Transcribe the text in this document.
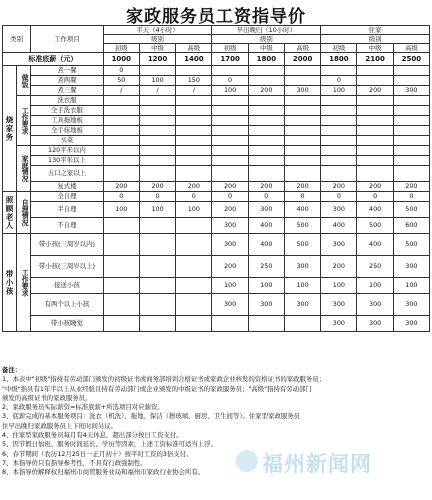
家政服务员工资指导价
类别		工作项目	半天（4小时）			早出晚归（10小时）			住家		
			级别			级别			级别		
			初级	中级	高级	初级	中级	高级	初级	中级	高级
标准底薪（元）			1000	1200	1400	1700	1800	2000	1800	2100	2500
烧家务	做饭	煮一餐	0								
		煮两餐	50	100	150	0			0		
		煮三餐	/	/	/	100	200	300	100	200	300
	工作要求	洗衣服									
		全手洗衣服									
		工具拖地板									
		全手抹地板									
		买菜									
	家庭情况	120平米以内									
		130平米以上									
		五口之家以上									
		复式楼	200	200	200	200	200	200	200	200	200
照顾老人	自理情况	全自理	0	0	0	0	0	0	0	0	0
		半自理	100	100	100	200	300	400	300	400	500
		不自理				300	400	500	400	500	600
带小孩	工作要求	带小孩(三周岁以内)				300	400	500	300	400	500
		带小孩(三周岁以上)				200	250	300	200	250	300
		接送小孩				100	100	100	100	100	100
		有两个以上小孩				300	300	300	300	300	300
		带小孩睡觉							300	300	300
备注：
1、本表中"初级"指持有劳动部门颁发的初级证书或商务部培训合格证书或家政企业核发的资格证书的家政服务员；
"中级"指具有1年半以上从业经验且持有劳动部门或企业颁发的中级证书的家政服务员；"高级"指持有劳动部门
颁发的高级证书的家政服务员。
2、家政服务员实际薪资=标准底薪+所选项目对应薪资。
3、底薪完成的基本服务项目：洗衣（机洗）、拖地、保洁（擦玻璃、厨房、卫生间等）。住家型家政服务员
住早出晚归家政服务员上下班时间另议。
4、住家型家政服务员每月有4天休息，超出部分按日工资支付。
5、因节假日加班、服务时间延长、学历等因素，上述工资标准可适当上浮。
6、春节期间（农历12月25日一正月初十）按平时工资的3倍支付。
7、本指导价只有指导参考性，不具有行政强制性。
8、本指导价解释权归福州市商贸服务业局和福州市家政行业协会所有。	福州新闻网
